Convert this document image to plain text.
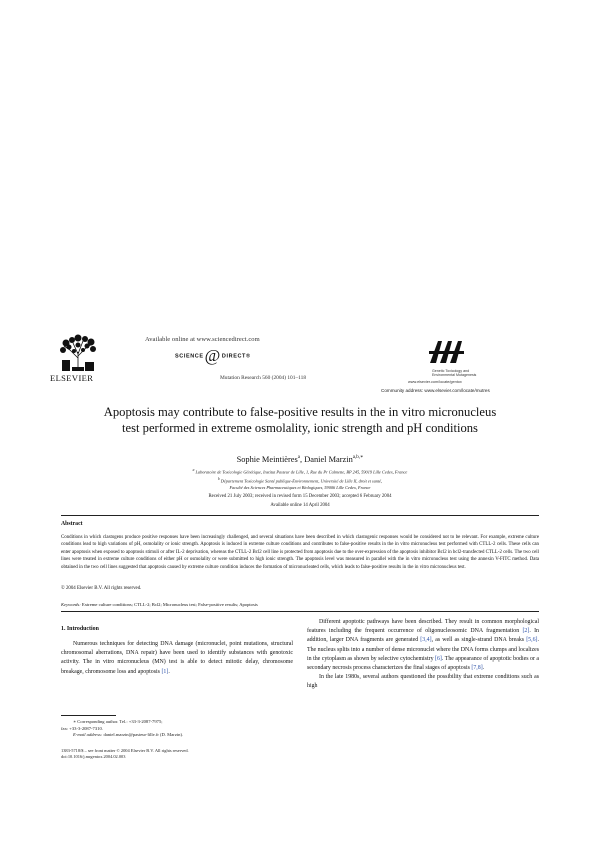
Available online at www.sciencedirect.com
SCIENCE@DIRECT®
Mutation Research 560 (2004) 101–118
ELSEVIER
Genetic Toxicology and
Environmental Mutagenesis
www.elsevier.com/locate/gentox
Community address: www.elsevier.com/locate/mutres
Apoptosis may contribute to false-positive results in the in vitro micronucleus test performed in extreme osmolality, ionic strength and pH conditions
Sophie Meintières$^a$, Daniel Marzin$^{a,b,∗}$
$^a$ Laboratoire de Toxicologie Génétique, Institut Pasteur de Lille, 1, Rue du Pr Calmette, BP 245, 59019 Lille Cedex, France
$^b$ Département Toxicologie Santé publique-Environnement, Université de Lille II, droit et santé,
Faculté des Sciences Pharmaceutiques et Biologiques, 59006 Lille Cedex, France
Received 21 July 2003; received in revised form 15 December 2003; accepted 6 February 2004
Available online 14 April 2004
Abstract
Conditions in which clastogens produce positive responses have been increasingly challenged, and several situations have been described in which clastogenic responses would be considered not to be relevant. For example, extreme culture conditions lead to high variations of pH, osmolality or ionic strength. Apoptosis is induced in extreme culture conditions and contributes to false-positive results in the in vitro micronucleus test performed with CTLL-2 cells. These cells can enter apoptosis when exposed to apoptosis stimuli or after IL-2 deprivation, whereas the CTLL-2 Bcl2 cell line is protected from apoptosis due to the over-expression of the apoptosis inhibitor Bcl2 in bcl2-transfected CTLL-2 cells. The two cell lines were treated in extreme culture conditions of either pH or osmolality or were submitted to high ionic strength. The apoptosis level was measured in parallel with the in vitro micronucleus test using the annexin V-FITC method. Data obtained in the two cell lines suggested that apoptosis caused by extreme culture condition induces the formation of micronucleated cells, which leads to false-positive results in the in vitro micronucleus test.
© 2004 Elsevier B.V. All rights reserved.
Keywords: Extreme culture conditions; CTLL-2; Bcl2; Micronucleus test; False-positive results; Apoptosis
1. Introduction

Numerous techniques for detecting DNA damage (micronuclei, point mutations, structural chromosomal aberrations, DNA repair) have been used to identify substances with genotoxic activity. The in vitro micronucleus (MN) test is able to detect mitotic delay, chromosome breakage, chromosome loss and apoptosis [1].

Different apoptotic pathways have been described. They result in common morphological features including the frequent occurrence of oligonucleosomic DNA fragmentation [2]. In addition, larger DNA fragments are generated [3,4], as well as single-strand DNA breaks [5,6]. The nucleus splits into a number of dense micronuclei where the DNA forms clumps and localizes in the cytoplasm as shown by selective cytochemistry [6]. The appearance of apoptotic bodies or a secondary necrosis process characterizes the final stages of apoptosis [7,8].

In the late 1980s, several authors questioned the possibility that extreme conditions such as high

∗ Corresponding author. Tel.: +33-3-2087-7975;
fax: +33-3-2087-7310.
E-mail address: daniel.marzin@pasteur-lille.fr (D. Marzin).
1383-5718/$ – see front matter © 2004 Elsevier B.V. All rights reserved.
doi:10.1016/j.mrgentox.2004.02.003
